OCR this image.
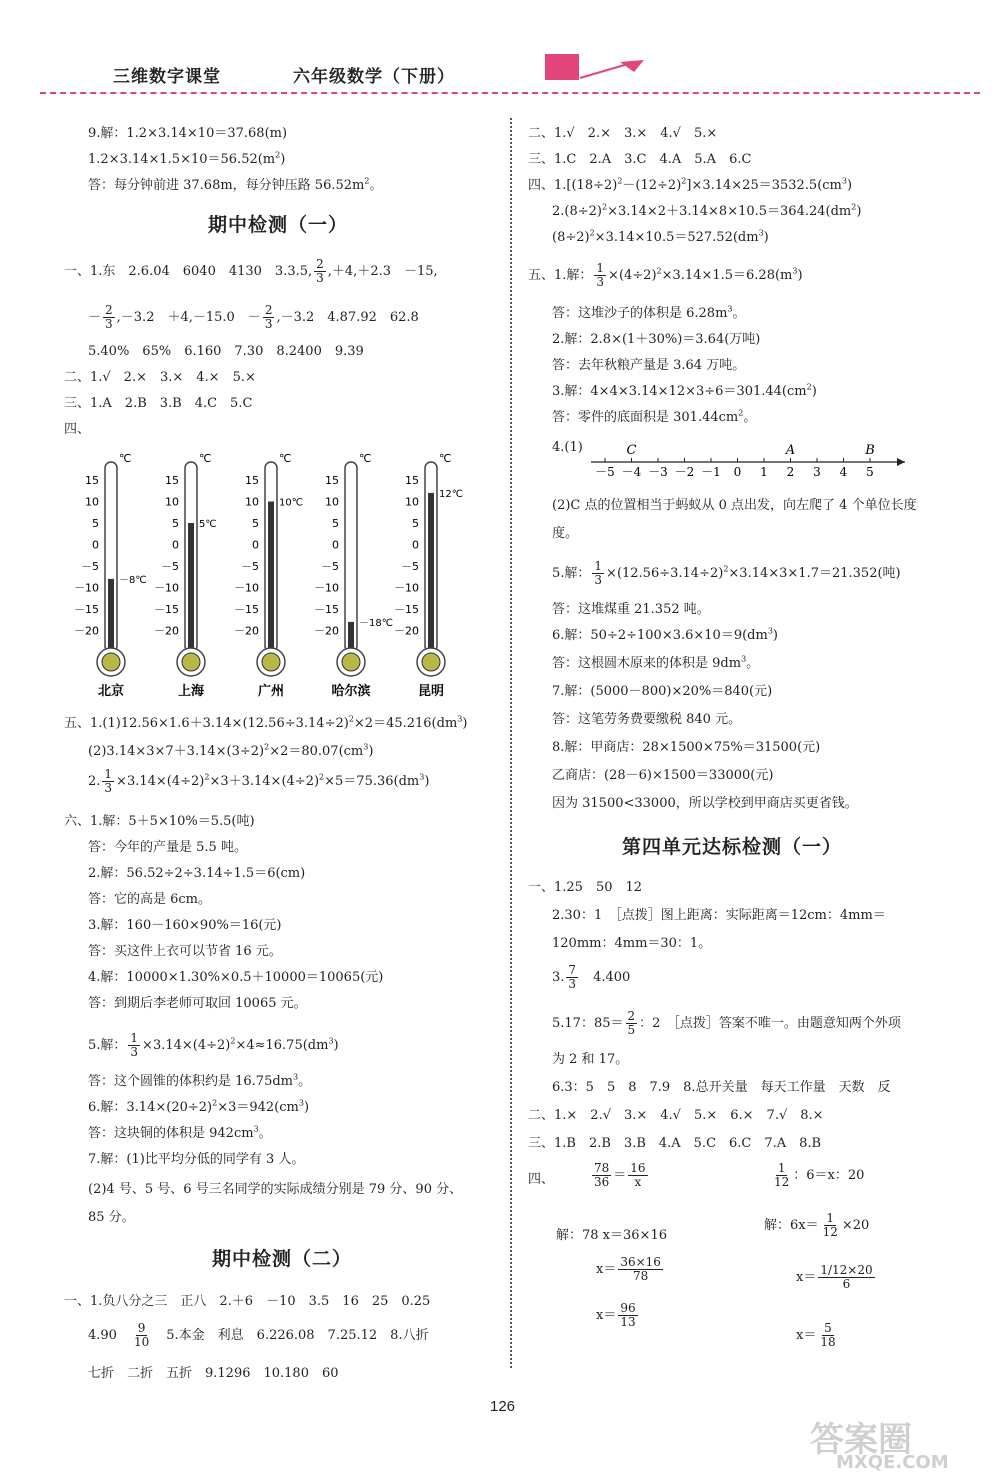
三维数字课堂	六年级数学（下册）
9.解：1.2×3.14×10＝37.68(m)
$1.2\times 3.14\times 1.5\times 10=56.52(m^2)$
答：每分钟前进 37.68m，每分钟压路 $56.52m^2$。
期中检测（一）
一、1.东　2.6.04　6040　4130　3.3.5, $\frac{2}{3} ,+4,+2.3$　－15,
－ $\frac{2}{3} ,-3.2$　＋4,－15.0　－ $\frac{2}{3} ,-3.2$　4.87.92　62.8
5.40%　65%　6.160　7.30　8.2400　9.39
二、1.√　2.×　3.×　4.×　5.×
三、1.A　2.B　3.B　4.C　5.C
四、
15
10
5
0
－5
－10
－15
－20
℃
－8℃
北京
15
10
5
0
－5
－10
－15
－20
℃
5℃
上海
15
10
5
0
－5
－10
－15
－20
℃
10℃
广州
15
10
5
0
－5
－10
－15
－20
℃
－18℃
哈尔滨
15
10
5
0
－5
－10
－15
－20
℃
12℃
昆明
五、$1.(1)12.56\times 1.6+3.14\times(12.56\div 3.14\div 2)^2\times 2=45.216(dm^3)$
$(2)3.14\times 3\times 7+3.14\times(3\div 2)^2\times 2=80.07(cm^3)$
2. $\frac{1}{3} \times 3.14\times(4\div 2)^2\times 3+3.14\times(4\div 2)^2\times 5=75.36(dm^3)$
六、1.解：5＋5×10%＝5.5(吨)
答：今年的产量是 5.5 吨。
2.解：56.52÷2÷3.14÷1.5＝6(cm)
答：它的高是 6cm。
3.解：160－160×90%＝16(元)
答：买这件上衣可以节省 16 元。
4.解：10000×1.30%×0.5＋10000＝10065(元)
答：到期后李老师可取回 10065 元。
5.解： $\frac{1}{3} \times 3.14\times(4\div 2)^2\times 4\approx 16.75(dm^3)$
答：这个圆锥的体积约是 $16.75dm^3$。
6.解：$3.14\times(20\div 2)^2\times 3=942(cm^3)$
答：这块铜的体积是 $942cm^3$。
7.解：(1)比平均分低的同学有 3 人。
(2)4 号、5 号、6 号三名同学的实际成绩分别是 79 分、90 分、
85 分。
期中检测（二）
一、1.负八分之三　正八　2.＋6　－10　3.5　16　25　0.25
4.90　 $\frac{9}{10}$
　 5.本金　利息　6.226.08　7.25.12　8.八折
七折　二折　五折　9.1296　10.180　60
二、1.√　2.×　3.×　4.√　5.×
三、1.C　2.A　3.C　4.A　5.A　6.C
四、$1.[(18\div 2)^2-(12\div 2)^2]\times 3.14\times 25=3532.5(cm^3)$
$2.(8\div 2)^2\times 3.14\times 2+3.14\times 8\times 10.5=364.24(dm^2)$
$(8\div 2)^2\times 3.14\times 10.5=527.52(dm^3)$
五、1.解： $\frac{1}{3} \times(4\div 2)^2\times 3.14\times 1.5=6.28(m^3)$
答：这堆沙子的体积是 $6.28m^3$。
2.解：2.8×(1＋30%)＝3.64(万吨)
答：去年秋粮产量是 3.64 万吨。
3.解：$4\times 4\times 3.14\times 12\times 3\div 6=301.44(cm^2)$
答：零件的底面积是 $301.44cm^2$。
4.(1)
－5 －4 －3 －2 －1 0 1 2 3 4 5
C	A	B
(2)C 点的位置相当于蚂蚁从 0 点出发，向左爬了 4 个单位长度
度。
5.解： $\frac{1}{3} \times(12.56\div 3.14\div 2)^2\times 3.14\times 3\times 1.7=21.352$(吨)
答：这堆煤重 21.352 吨。
6.解：$50\div 2\div 100\times 3.6\times 10=9(dm^3)$
答：这根圆木原来的体积是 $9dm^3$。
7.解：(5000－800)×20%＝840(元)
答：这笔劳务费要缴税 840 元。
8.解：甲商店：28×1500×75%＝31500(元)
乙商店：(28－6)×1500＝33000(元)
因为 31500<33000，所以学校到甲商店买更省钱。
第四单元达标检测（一）
一、1.25　50　12
2.30：1　［点拨］图上距离：实际距离＝12cm：4mm＝
120mm：4mm＝30：1。
3. $\frac{7}{3}$
　 4.400
5.17：$85= \frac{2}{5}$ ：2　［点拨］答案不唯一。由题意知两个外项
为 2 和 17。
6.3：5　5　8　7.9　8.总开关量　每天工作量　天数　反
二、1.×　2.√　3.×　4.√　5.×　6.×　7.√　8.×
三、1.B　2.B　3.B　4.A　5.C　6.C　7.A　8.B
四、	$\frac{78}{36} = \frac{16}{x}$
解：78 x＝36×16
$x= \frac{36\times 16}{78}$
$x= \frac{96}{13}$
$\frac{1}{12}$ ：6＝x：20
解：$6x= \frac{1}{12} \times 20$
$x= \frac{1/12\times 20}{6}$
$x= \frac{5}{18}$
126
答案圈
MXQE.COM
